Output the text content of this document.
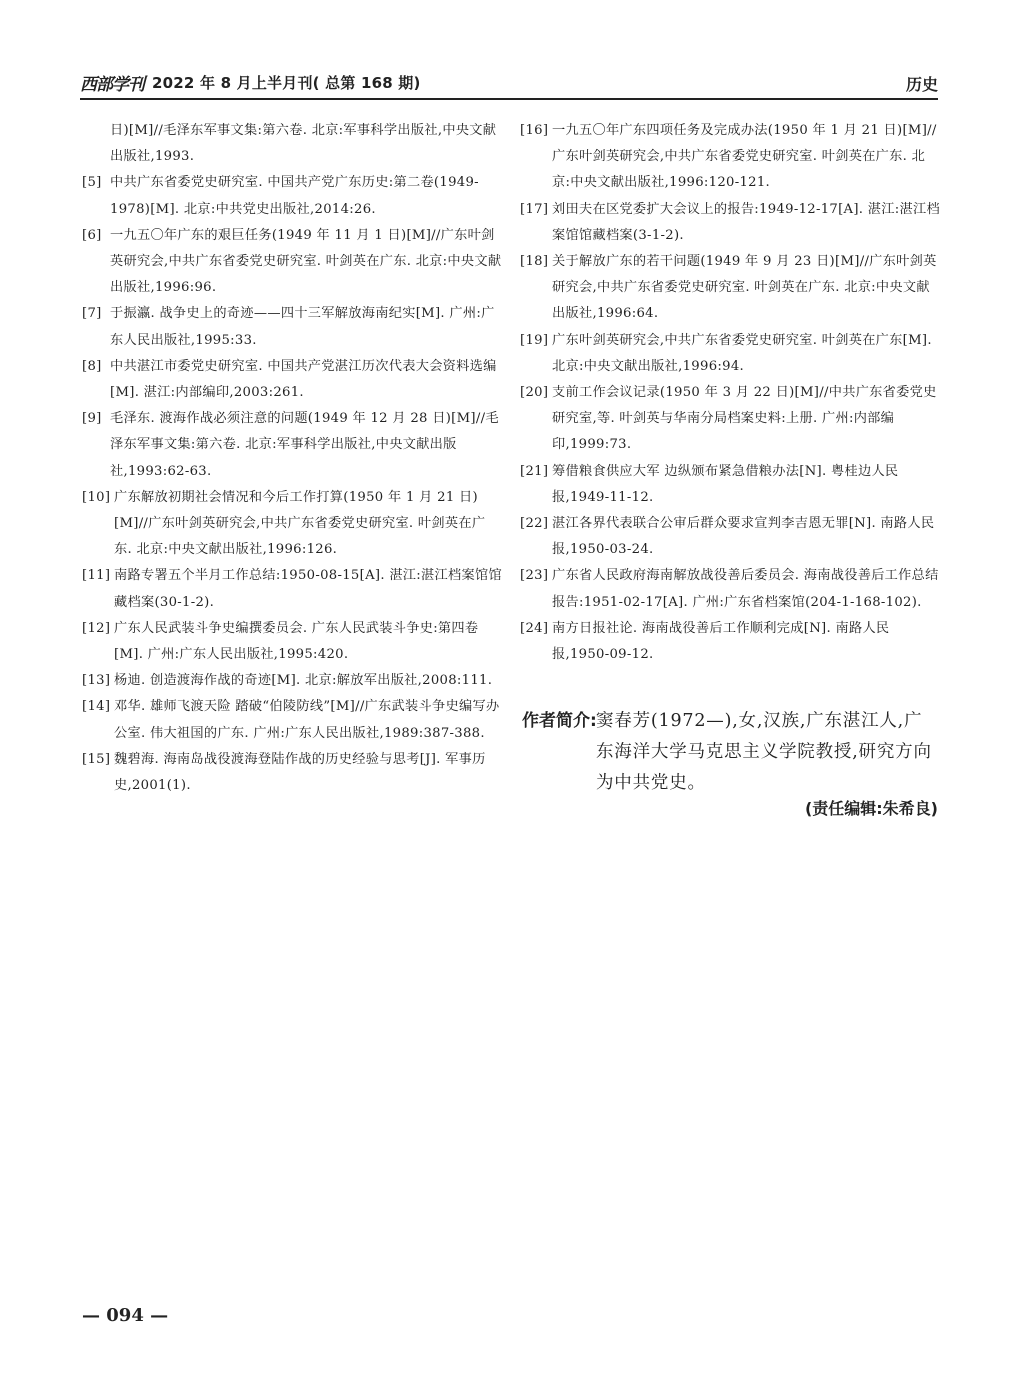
西部学刊 2022 年 8 月上半月刊( 总第 168 期)	历史

日)[M]//毛泽东军事文集:第六卷. 北京:军事科学出版社,中央文献出版社,1993.

[5] 中共广东省委党史研究室. 中国共产党广东历史:第二卷(1949-1978)[M]. 北京:中共党史出版社,2014:26.

[6] 一九五〇年广东的艰巨任务(1949 年 11 月 1 日)[M]//广东叶剑英研究会,中共广东省委党史研究室. 叶剑英在广东. 北京:中央文献出版社,1996:96.

[7] 于振瀛. 战争史上的奇迹——四十三军解放海南纪实[M]. 广州:广东人民出版社,1995:33.

[8] 中共湛江市委党史研究室. 中国共产党湛江历次代表大会资料选编[M]. 湛江:内部编印,2003:261.

[9] 毛泽东. 渡海作战必须注意的问题(1949 年 12 月 28 日)[M]//毛泽东军事文集:第六卷. 北京:军事科学出版社,中央文献出版社,1993:62-63.

[10] 广东解放初期社会情况和今后工作打算(1950 年 1 月 21 日)[M]//广东叶剑英研究会,中共广东省委党史研究室. 叶剑英在广东. 北京:中央文献出版社,1996:126.

[11] 南路专署五个半月工作总结:1950-08-15[A]. 湛江:湛江档案馆馆藏档案(30-1-2).

[12] 广东人民武装斗争史编撰委员会. 广东人民武装斗争史:第四卷[M]. 广州:广东人民出版社,1995:420.

[13] 杨迪. 创造渡海作战的奇迹[M]. 北京:解放军出版社,2008:111.

[14] 邓华. 雄师飞渡天险 踏破“伯陵防线”[M]//广东武装斗争史编写办公室. 伟大祖国的广东. 广州:广东人民出版社,1989:387-388.

[15] 魏碧海. 海南岛战役渡海登陆作战的历史经验与思考[J]. 军事历史,2001(1).

[16] 一九五〇年广东四项任务及完成办法(1950 年 1 月 21 日)[M]//广东叶剑英研究会,中共广东省委党史研究室. 叶剑英在广东. 北京:中央文献出版社,1996:120-121.

[17] 刘田夫在区党委扩大会议上的报告:1949-12-17[A]. 湛江:湛江档案馆馆藏档案(3-1-2).

[18] 关于解放广东的若干问题(1949 年 9 月 23 日)[M]//广东叶剑英研究会,中共广东省委党史研究室. 叶剑英在广东. 北京:中央文献出版社,1996:64.

[19] 广东叶剑英研究会,中共广东省委党史研究室. 叶剑英在广东[M]. 北京:中央文献出版社,1996:94.

[20] 支前工作会议记录(1950 年 3 月 22 日)[M]//中共广东省委党史研究室,等. 叶剑英与华南分局档案史料:上册. 广州:内部编印,1999:73.

[21] 筹借粮食供应大军 边纵颁布紧急借粮办法[N]. 粤桂边人民报,1949-11-12.

[22] 湛江各界代表联合公审后群众要求宣判李吉恩无罪[N]. 南路人民报,1950-03-24.

[23] 广东省人民政府海南解放战役善后委员会. 海南战役善后工作总结报告:1951-02-17[A]. 广州:广东省档案馆(204-1-168-102).

[24] 南方日报社论. 海南战役善后工作顺利完成[N]. 南路人民报,1950-09-12.

作者简介: 窦春芳(1972—),女,汉族,广东湛江人,广东海洋大学马克思主义学院教授,研究方向为中共党史。
(责任编辑:朱希良)
— 094 —
